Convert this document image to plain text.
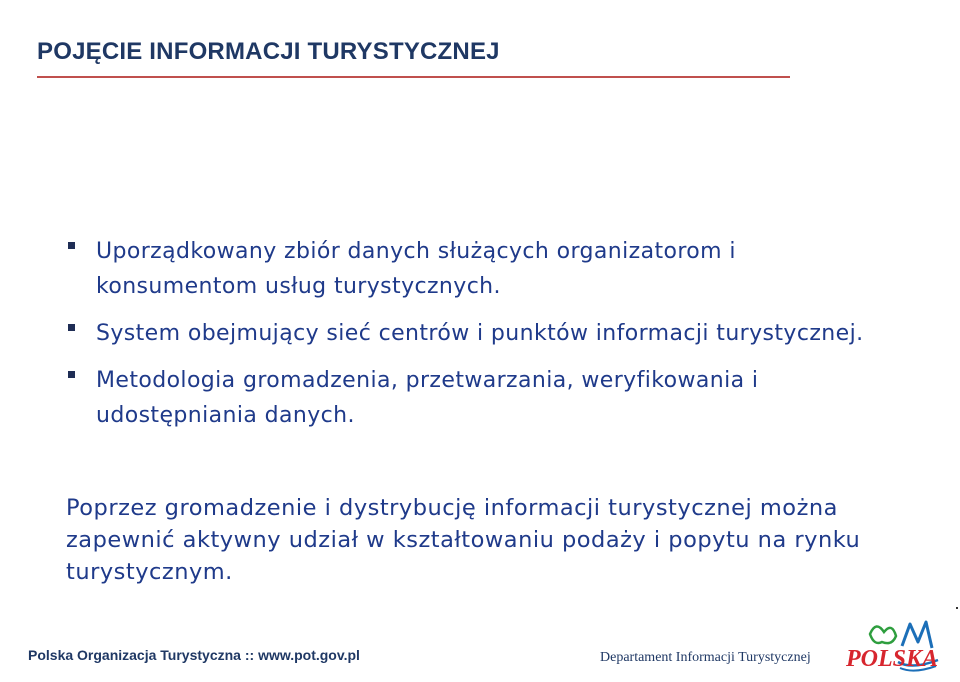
POJĘCIE INFORMACJI TURYSTYCZNEJ
Uporządkowany zbiór danych służących organizatorom i konsumentom usług turystycznych.
System obejmujący sieć centrów i punktów informacji turystycznej.
Metodologia gromadzenia, przetwarzania, weryfikowania i udostępniania danych.
Poprzez gromadzenie i dystrybucję informacji turystycznej można zapewnić aktywny udział w kształtowaniu podaży i popytu na rynku turystycznym.
Polska Organizacja Turystyczna :: www.pot.gov.pl	Departament Informacji Turystycznej POLSKA
